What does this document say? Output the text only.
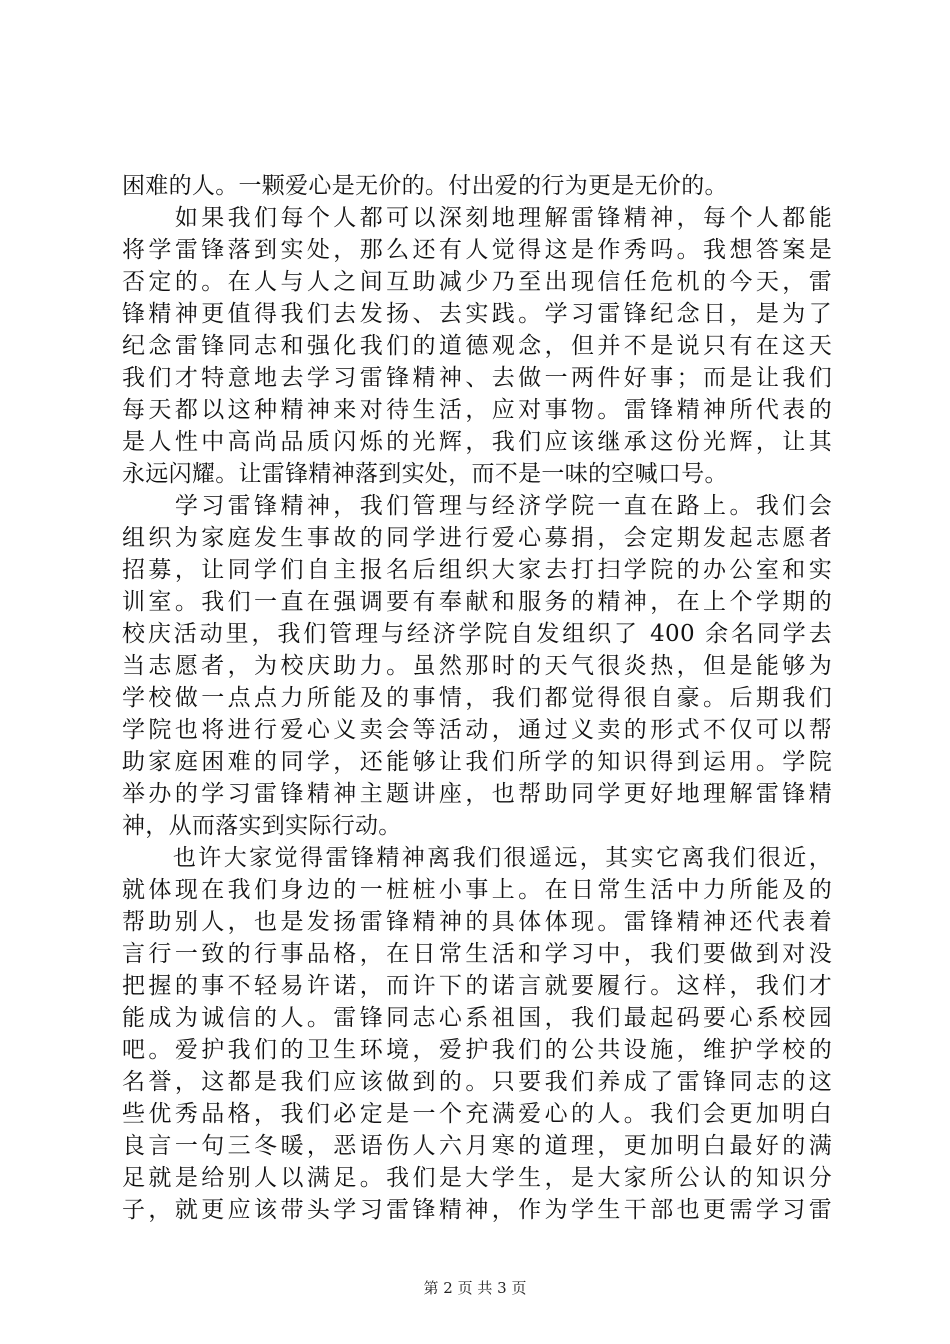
困难的人。一颗爱心是无价的。付出爱的行为更是无价的。
　　如果我们每个人都可以深刻地理解雷锋精神，每个人都能
将学雷锋落到实处，那么还有人觉得这是作秀吗。我想答案是
否定的。在人与人之间互助减少乃至出现信任危机的今天，雷
锋精神更值得我们去发扬、去实践。学习雷锋纪念日，是为了
纪念雷锋同志和强化我们的道德观念，但并不是说只有在这天
我们才特意地去学习雷锋精神、去做一两件好事；而是让我们
每天都以这种精神来对待生活，应对事物。雷锋精神所代表的
是人性中高尚品质闪烁的光辉，我们应该继承这份光辉，让其
永远闪耀。让雷锋精神落到实处，而不是一味的空喊口号。
　　学习雷锋精神，我们管理与经济学院一直在路上。我们会
组织为家庭发生事故的同学进行爱心募捐，会定期发起志愿者
招募，让同学们自主报名后组织大家去打扫学院的办公室和实
训室。我们一直在强调要有奉献和服务的精神，在上个学期的
校庆活动里，我们管理与经济学院自发组织了 400 余名同学去
当志愿者，为校庆助力。虽然那时的天气很炎热，但是能够为
学校做一点点力所能及的事情，我们都觉得很自豪。后期我们
学院也将进行爱心义卖会等活动，通过义卖的形式不仅可以帮
助家庭困难的同学，还能够让我们所学的知识得到运用。学院
举办的学习雷锋精神主题讲座，也帮助同学更好地理解雷锋精
神，从而落实到实际行动。
　　也许大家觉得雷锋精神离我们很遥远，其实它离我们很近，
就体现在我们身边的一桩桩小事上。在日常生活中力所能及的
帮助别人，也是发扬雷锋精神的具体体现。雷锋精神还代表着
言行一致的行事品格，在日常生活和学习中，我们要做到对没
把握的事不轻易许诺，而许下的诺言就要履行。这样，我们才
能成为诚信的人。雷锋同志心系祖国，我们最起码要心系校园
吧。爱护我们的卫生环境，爱护我们的公共设施，维护学校的
名誉，这都是我们应该做到的。只要我们养成了雷锋同志的这
些优秀品格，我们必定是一个充满爱心的人。我们会更加明白
良言一句三冬暖，恶语伤人六月寒的道理，更加明白最好的满
足就是给别人以满足。我们是大学生，是大家所公认的知识分
子，就更应该带头学习雷锋精神，作为学生干部也更需学习雷
第 2 页 共 3 页
